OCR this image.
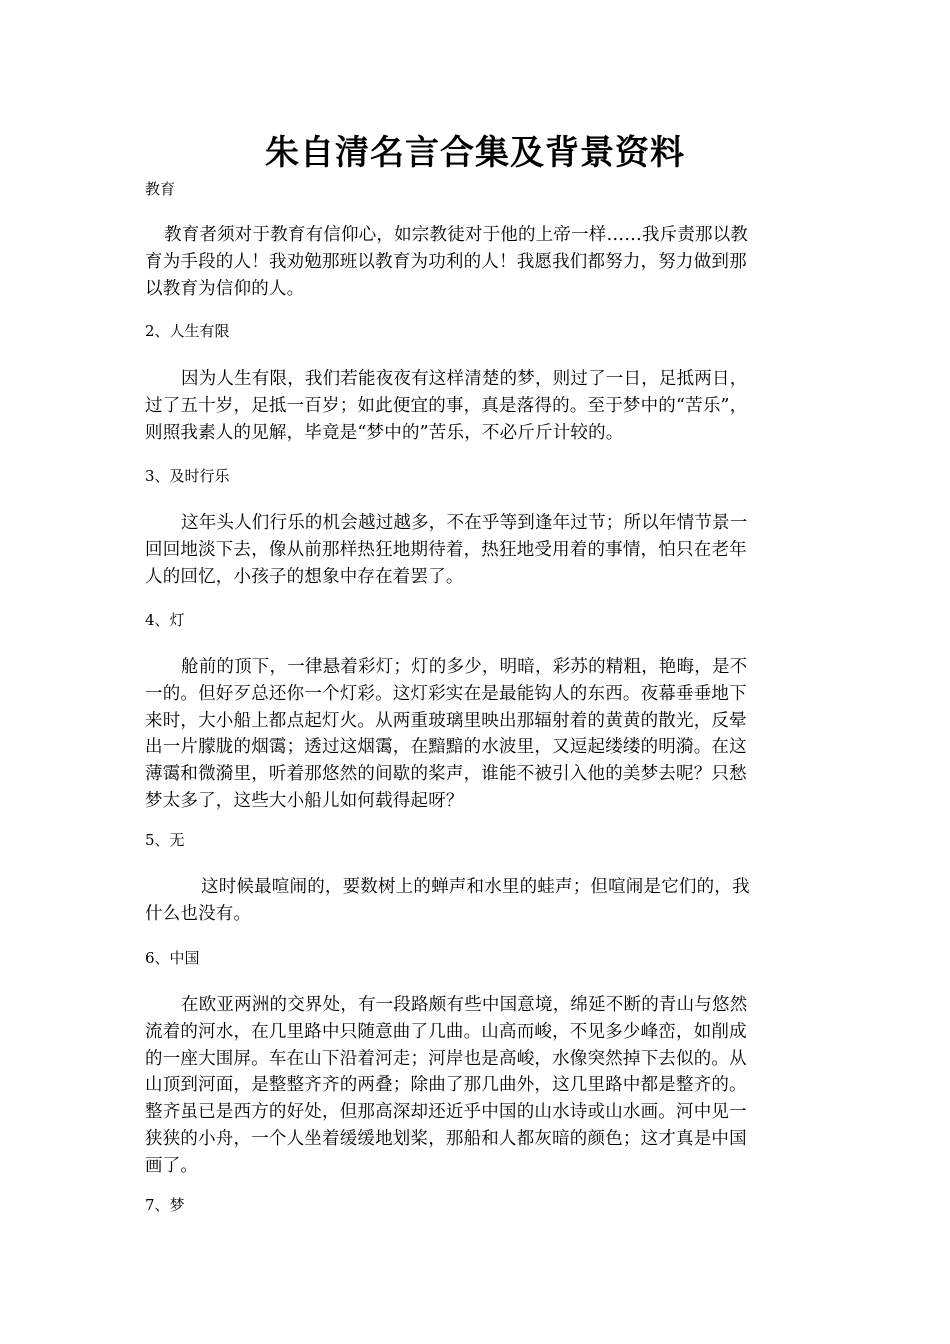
朱自清名言合集及背景资料
教育
教育者须对于教育有信仰心，如宗教徒对于他的上帝一样……我斥责那以教
育为手段的人！我劝勉那班以教育为功利的人！我愿我们都努力，努力做到那
以教育为信仰的人。
2、人生有限
因为人生有限，我们若能夜夜有这样清楚的梦，则过了一日，足抵两日，
过了五十岁，足抵一百岁；如此便宜的事，真是落得的。至于梦中的“苦乐”，
则照我素人的见解，毕竟是“梦中的”苦乐，不必斤斤计较的。
3、及时行乐
这年头人们行乐的机会越过越多，不在乎等到逢年过节；所以年情节景一
回回地淡下去，像从前那样热狂地期待着，热狂地受用着的事情，怕只在老年
人的回忆，小孩子的想象中存在着罢了。
4、灯
舱前的顶下，一律悬着彩灯；灯的多少，明暗，彩苏的精粗，艳晦，是不
一的。但好歹总还你一个灯彩。这灯彩实在是最能钩人的东西。夜幕垂垂地下
来时，大小船上都点起灯火。从两重玻璃里映出那辐射着的黄黄的散光，反晕
出一片朦胧的烟霭；透过这烟霭，在黯黯的水波里，又逗起缕缕的明漪。在这
薄霭和微漪里，听着那悠然的间歇的桨声，谁能不被引入他的美梦去呢？只愁
梦太多了，这些大小船儿如何载得起呀？
5、无
这时候最喧闹的，要数树上的蝉声和水里的蛙声；但喧闹是它们的，我
什么也没有。
6、中国
在欧亚两洲的交界处，有一段路颇有些中国意境，绵延不断的青山与悠然
流着的河水，在几里路中只随意曲了几曲。山高而峻，不见多少峰峦，如削成
的一座大围屏。车在山下沿着河走；河岸也是高峻，水像突然掉下去似的。从
山顶到河面，是整整齐齐的两叠；除曲了那几曲外，这几里路中都是整齐的。
整齐虽已是西方的好处，但那高深却还近乎中国的山水诗或山水画。河中见一
狭狭的小舟，一个人坐着缓缓地划桨，那船和人都灰暗的颜色；这才真是中国
画了。
7、梦
